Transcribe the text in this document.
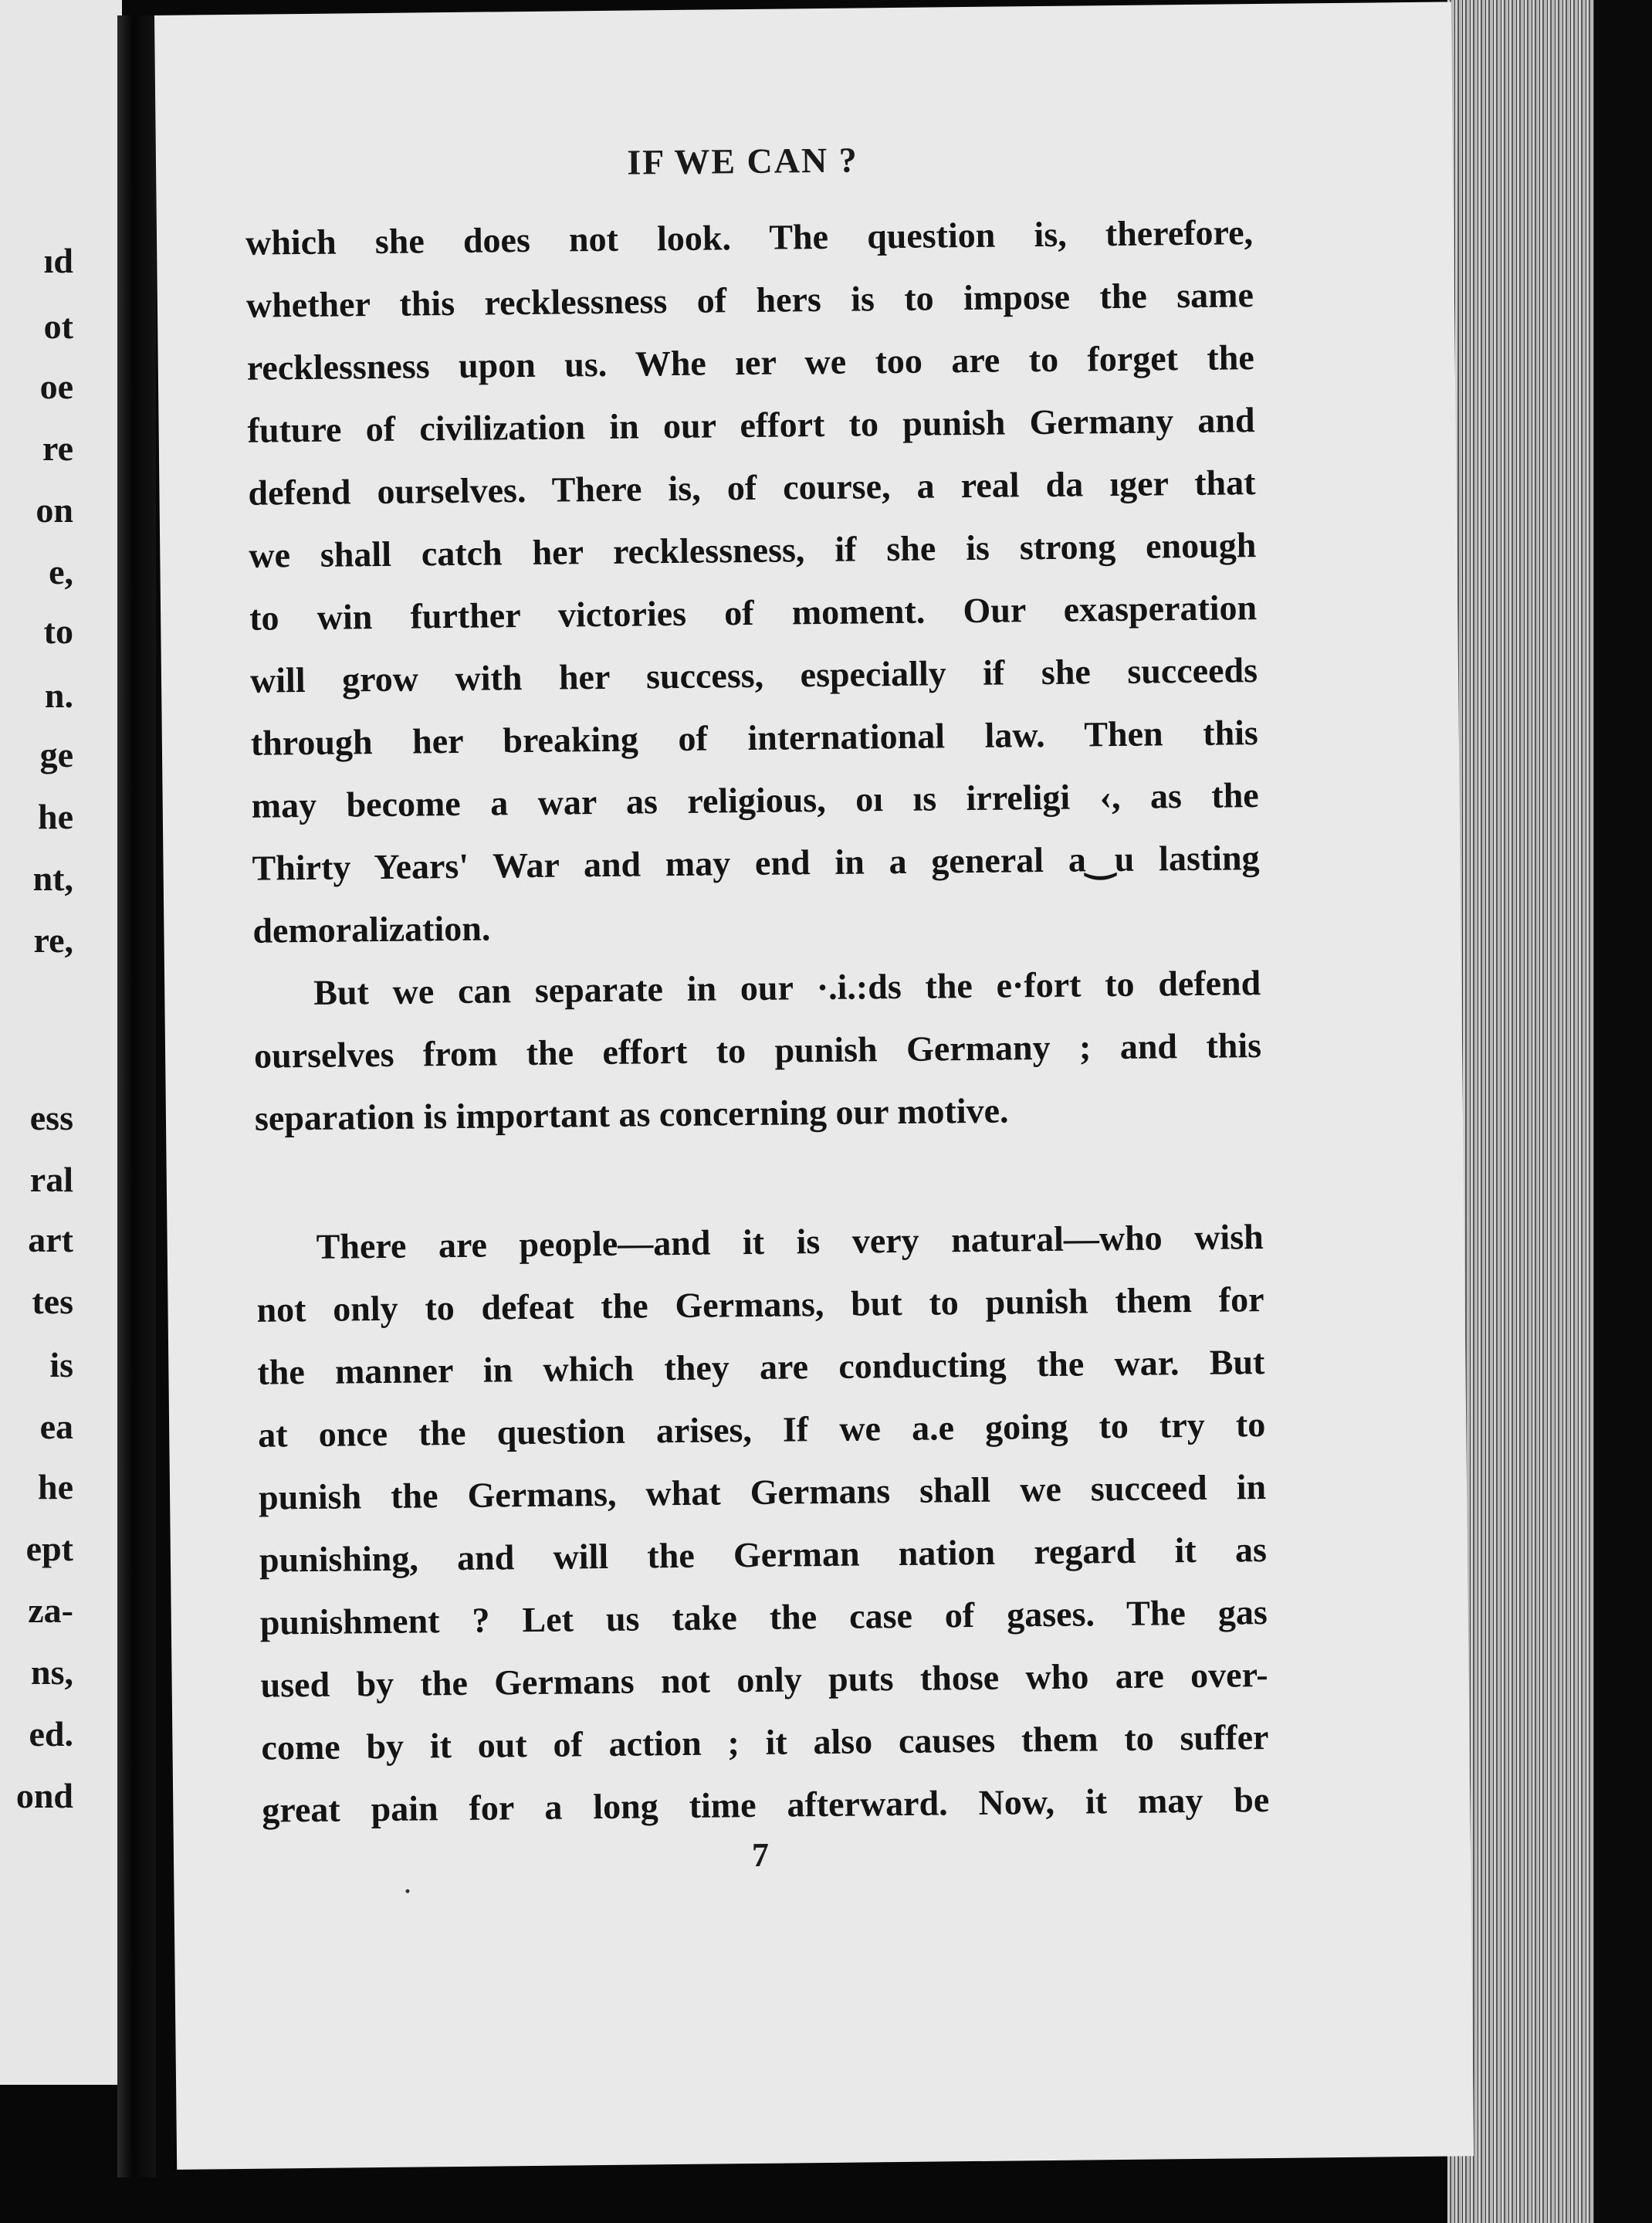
ıd
ot
oe
re
on
e,
to
n.
ge
he
nt,
re,
ess
ral
art
tes
is
ea
he
ept
za-
ns,
ed.
ond
IF WE CAN ?
which she does not look. The question is, therefore,
whether this recklessness of hers is to impose the same
recklessness upon us. Whe ıer we too are to forget the
future of civilization in our effort to punish Germany and
defend ourselves. There is, of course, a real da ıger that
we shall catch her recklessness, if she is strong enough
to win further victories of moment. Our exasperation
will grow with her success, especially if she succeeds
through her breaking of international law. Then this
may become a war as religious, oı ıs irreligi ‹, as the
Thirty Years' War and may end in a general a‿u lasting
demoralization.
But we can separate in our ·.i.:ds the e·fort to defend
ourselves from the effort to punish Germany ; and this
separation is important as concerning our motive.
There are people—and it is very natural—who wish
not only to defeat the Germans, but to punish them for
the manner in which they are conducting the war. But
at once the question arises, If we a.e going to try to
punish the Germans, what Germans shall we succeed in
punishing, and will the German nation regard it as
punishment ? Let us take the case of gases. The gas
used by the Germans not only puts those who are over-
come by it out of action ; it also causes them to suffer
great pain for a long time afterward. Now, it may be
7
